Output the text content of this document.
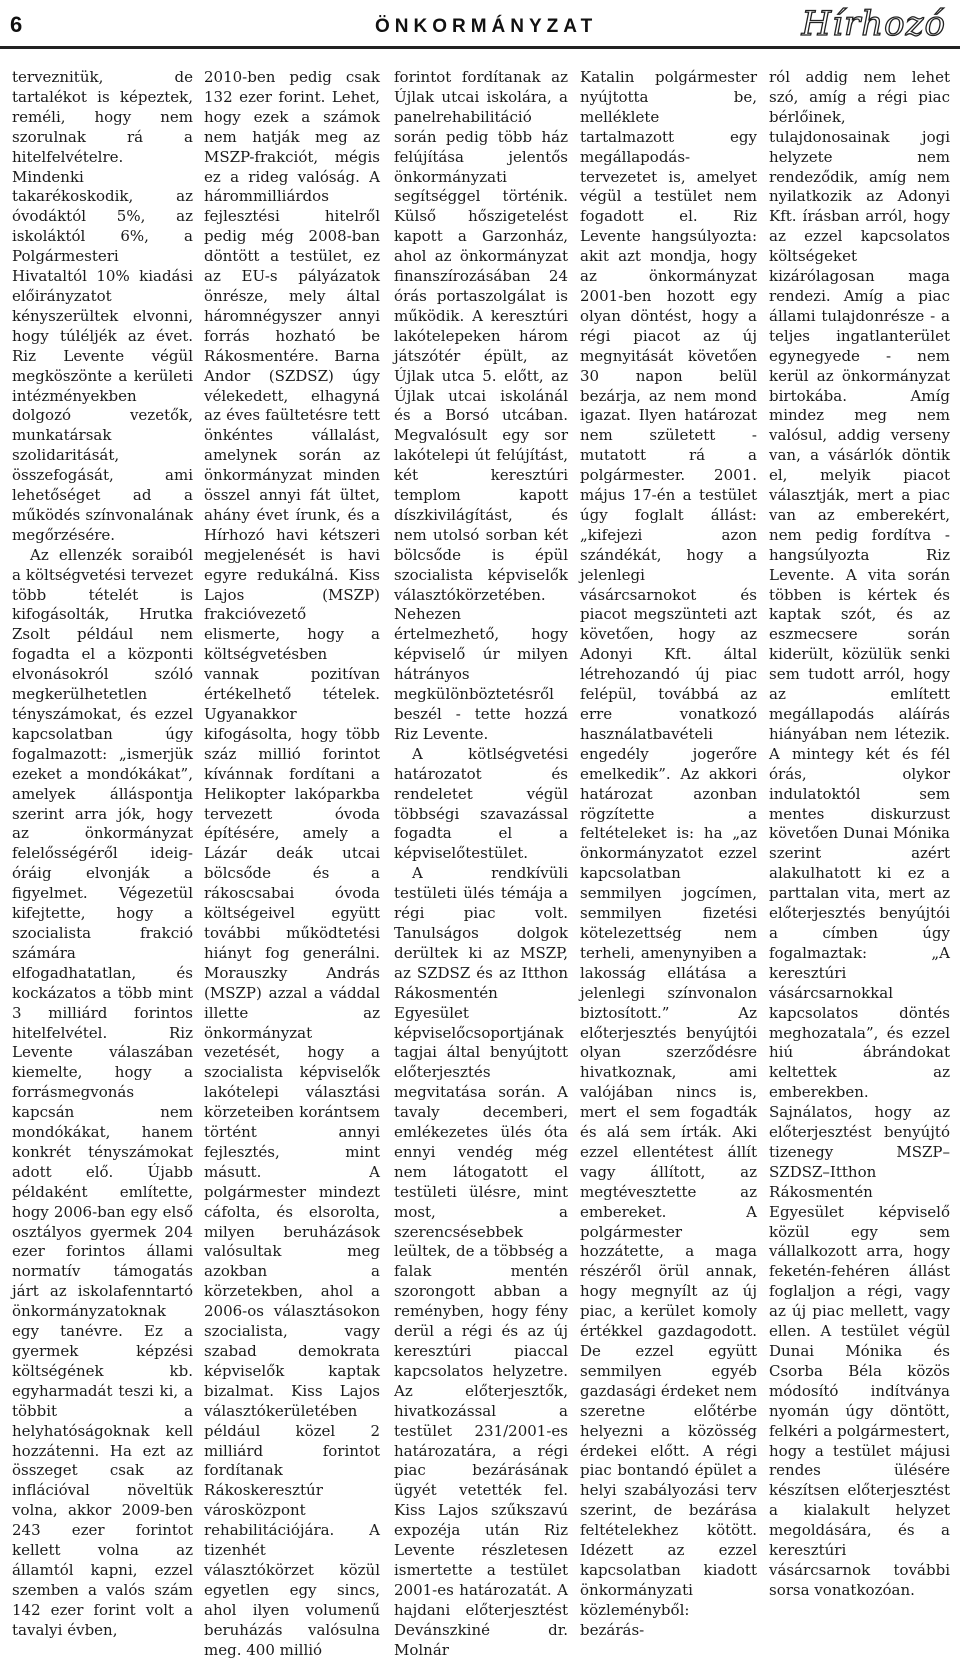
6	ÖNKORMÁNYZAT	Hírhozó

terveznitük, de tartalékot is képeztek, reméli, hogy nem szorulnak rá a hitelfelvételre. Mindenki takarékoskodik, az óvodáktól 5%, az iskoláktól 6%, a Polgármesteri Hivataltól 10% kiadási előirányzatot kényszerültek elvonni, hogy túléljék az évet. Riz Levente végül megköszönte a kerületi intézményekben dolgozó vezetők, munkatársak szolidaritását, összefogását, ami lehetőséget ad a működés színvonalának megőrzésére.

Az ellenzék soraiból a költségvetési tervezet több tételét is kifogásolták, Hrutka Zsolt például nem fogadta el a központi elvonásokról szóló megkerülhetetlen tényszámokat, és ezzel kapcsolatban úgy fogalmazott: „ismerjük ezeket a mondókákat”, amelyek álláspontja szerint arra jók, hogy az önkormányzat felelősségéről ideig-óráig elvonják a figyelmet. Végezetül kifejtette, hogy a szocialista frakció számára elfogadhatatlan, és kockázatos a több mint 3 milliárd forintos hitelfelvétel. Riz Levente válaszában kiemelte, hogy a forrásmegvonás kapcsán nem mondókákat, hanem konkrét tényszámokat adott elő. Újabb példaként említette, hogy 2006-ban egy első osztályos gyermek 204 ezer forintos állami normatív támogatás járt az iskolafenntartó önkormányzatoknak egy tanévre. Ez a gyermek képzési költségének kb. egyharmadát teszi ki, a többit a helyhatóságoknak kell hozzátenni. Ha ezt az összeget csak az inflációval növeltük volna, akkor 2009-ben 243 ezer forintot kellett volna az államtól kapni, ezzel szemben a valós szám 142 ezer forint volt a tavalyi évben,

2010-ben pedig csak 132 ezer forint. Lehet, hogy ezek a számok nem hatják meg az MSZP-frakciót, mégis ez a rideg valóság. A hárommilliárdos fejlesztési hitelről pedig még 2008-ban döntött a testület, ez az EU-s pályázatok önrésze, mely által háromnégyszer annyi forrás hozható be Rákosmentére. Barna Andor (SZDSZ) úgy vélekedett, elhagyná az éves faültetésre tett önkéntes vállalást, amelynek során az önkormányzat minden összel annyi fát ültet, ahány évet írunk, és a Hírhozó havi kétszeri megjelenését is havi egyre redukálná. Kiss Lajos (MSZP) frakcióvezető elismerte, hogy a költségvetésben vannak pozitívan értékelhető tételek. Ugyanakkor kifogásolta, hogy több száz millió forintot kívánnak fordítani a Helikopter lakóparkba tervezett óvoda építésére, amely a Lázár deák utcai bölcsőde és a rákoscsabai óvoda költségeivel együtt további működtetési hiányt fog generálni. Morauszky András (MSZP) azzal a váddal illette az önkormányzat vezetését, hogy a szocialista képviselők lakótelepi választási körzeteiben korántsem történt annyi fejlesztés, mint másutt. A polgármester mindezt cáfolta, és elsorolta, milyen beruházások valósultak meg azokban a körzetekben, ahol a 2006-os választásokon szocialista, vagy szabad demokrata képviselők kaptak bizalmat. Kiss Lajos választókerületében például közel 2 milliárd forintot fordítanak Rákoskeresztúr városközpont rehabilitációjára. A tizenhét választókörzet közül egyetlen egy sincs, ahol ilyen volumenű beruházás valósulna meg. 400 millió

forintot fordítanak az Újlak utcai iskolára, a panelrehabilitáció során pedig több ház felújítása jelentős önkormányzati segítséggel történik. Külső hőszigetelést kapott a Garzonház, ahol az önkormányzat finanszírozásában 24 órás portaszolgálat is működik. A keresztúri lakótelepeken három játszótér épült, az Újlak utca 5. előtt, az Újlak utcai iskolánál és a Borsó utcában. Megvalósult egy sor lakótelepi út felújítást, két keresztúri templom kapott díszkivilágítást, és nem utolsó sorban két bölcsőde is épül szocialista képviselők választókörzetében. Nehezen értelmezhető, hogy képviselő úr milyen hátrányos megkülönböztetésről beszél - tette hozzá Riz Levente.

A kötlségvetési határozatot és rendeletet végül többségi szavazással fogadta el a képviselőtestület.

A rendkívüli testületi ülés témája a régi piac volt. Tanulságos dolgok derültek ki az MSZP, az SZDSZ és az Itthon Rákosmentén Egyesület képviselőcsoportjának tagjai által benyújtott előterjesztés megvitatása során. A tavaly decemberi, emlékezetes ülés óta ennyi vendég még nem látogatott el testületi ülésre, mint most, a szerencsésebbek leültek, de a többség a falak mentén szorongott abban a reményben, hogy fény derül a régi és az új keresztúri piaccal kapcsolatos helyzetre. Az előterjesztők, hivatkozással a testület 231/2001-es határozatára, a régi piac bezárásának ügyét vetették fel. Kiss Lajos szűkszavú expozéja után Riz Levente részletesen ismertette a testület 2001-es határozatát. A hajdani előterjesztést Devánszkiné dr. Molnár

Katalin polgármester nyújtotta be, melléklete tartalmazott egy megállapodás-tervezetet is, amelyet végül a testület nem fogadott el. Riz Levente hangsúlyozta: akit azt mondja, hogy az önkormányzat 2001-ben hozott egy olyan döntést, hogy a régi piacot az új megnyitását követően 30 napon belül bezárja, az nem mond igazat. Ilyen határozat nem született - mutatott rá a polgármester. 2001. május 17-én a testület úgy foglalt állást: „kifejezi azon szándékát, hogy a jelenlegi vásárcsarnokot és piacot megszünteti azt követően, hogy az Adonyi Kft. által létrehozandó új piac felépül, továbbá az erre vonatkozó használatbavételi engedély jogerőre emelkedik”. Az akkori határozat azonban rögzítette a feltételeket is: ha „az önkormányzatot ezzel kapcsolatban semmilyen jogcímen, semmilyen fizetési kötelezettség nem terheli, amenynyiben a lakosság ellátása a jelenlegi színvonalon biztosított.” Az előterjesztés benyújtói olyan szerződésre hivatkoznak, ami valójában nincs is, mert el sem fogadták és alá sem írták. Aki ezzel ellentétest állít vagy állított, az megtévesztette az embereket. A polgármester hozzátette, a maga részéről örül annak, hogy megnyílt az új piac, a kerület komoly értékkel gazdagodott. De ezzel együtt semmilyen egyéb gazdasági érdeket nem szeretne előtérbe helyezni a közösség érdekei előtt. A régi piac bontandó épület a helyi szabályozási terv szerint, de bezárása feltételekhez kötött. Idézett az ezzel kapcsolatban kiadott önkormányzati közleményből: bezárás-

ról addig nem lehet szó, amíg a régi piac bérlőinek, tulajdonosainak jogi helyzete nem rendeződik, amíg nem nyilatkozik az Adonyi Kft. írásban arról, hogy az ezzel kapcsolatos költségeket kizárólagosan maga rendezi. Amíg a piac állami tulajdonrésze - a teljes ingatlanterület egynegyede - nem kerül az önkormányzat birtokába. Amíg mindez meg nem valósul, addig verseny van, a vásárlók döntik el, melyik piacot választják, mert a piac van az emberekért, nem pedig fordítva - hangsúlyozta Riz Levente. A vita során többen is kértek és kaptak szót, és az eszmecsere során kiderült, közülük senki sem tudott arról, hogy az említett megállapodás aláírás hiányában nem létezik. A mintegy két és fél órás, olykor indulatoktól sem mentes diskurzust követően Dunai Mónika szerint azért alakulhatott ki ez a parttalan vita, mert az előterjesztés benyújtói a címben úgy fogalmaztak: „A keresztúri vásárcsarnokkal kapcsolatos döntés meghozatala”, és ezzel hiú ábrándokat keltettek az emberekben. Sajnálatos, hogy az előterjesztést benyújtó tizenegy MSZP–SZDSZ–Itthon Rákosmentén Egyesület képviselő közül egy sem vállalkozott arra, hogy feketén-fehéren állást foglaljon a régi, vagy az új piac mellett, vagy ellen. A testület végül Dunai Mónika és Csorba Béla közös módosító indítványa nyomán úgy döntött, felkéri a polgármestert, hogy a testület májusi rendes ülésére készítsen előterjesztést a kialakult helyzet megoldására, és a keresztúri vásárcsarnok további sorsa vonatkozóan.
